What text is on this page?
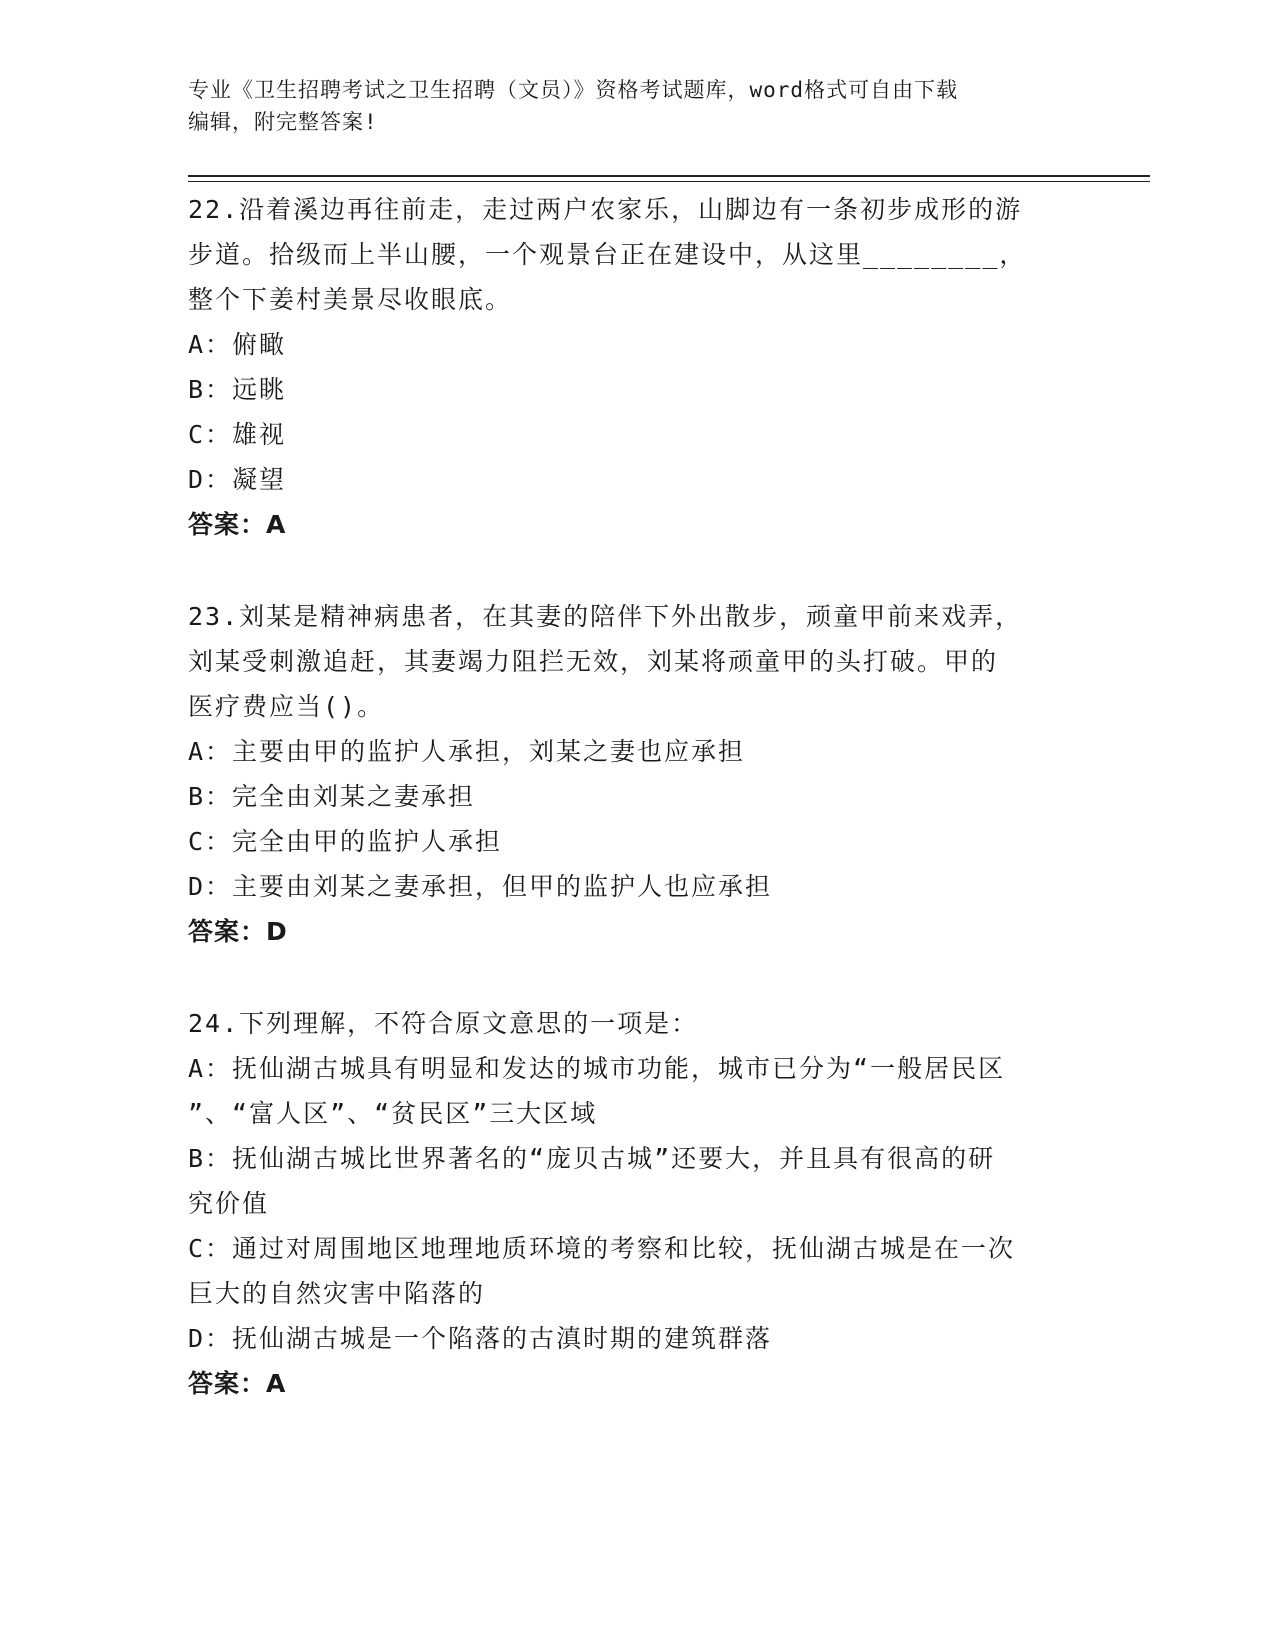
专业《卫生招聘考试之卫生招聘（文员）》资格考试题库，word格式可自由下载
编辑，附完整答案!

22.沿着溪边再往前走，走过两户农家乐，山脚边有一条初步成形的游

步道。拾级而上半山腰，一个观景台正在建设中，从这里________，

整个下姜村美景尽收眼底。

A：俯瞰

B：远眺

C：雄视

D：凝望

答案：A

23.刘某是精神病患者，在其妻的陪伴下外出散步，顽童甲前来戏弄，

刘某受刺激追赶，其妻竭力阻拦无效，刘某将顽童甲的头打破。甲的

医疗费应当()。

A：主要由甲的监护人承担，刘某之妻也应承担

B：完全由刘某之妻承担

C：完全由甲的监护人承担

D：主要由刘某之妻承担，但甲的监护人也应承担

答案：D

24.下列理解，不符合原文意思的一项是：

A：抚仙湖古城具有明显和发达的城市功能，城市已分为“一般居民区

”、“富人区”、“贫民区”三大区域

B：抚仙湖古城比世界著名的“庞贝古城”还要大，并且具有很高的研

究价值

C：通过对周围地区地理地质环境的考察和比较，抚仙湖古城是在一次

巨大的自然灾害中陷落的

D：抚仙湖古城是一个陷落的古滇时期的建筑群落

答案：A
